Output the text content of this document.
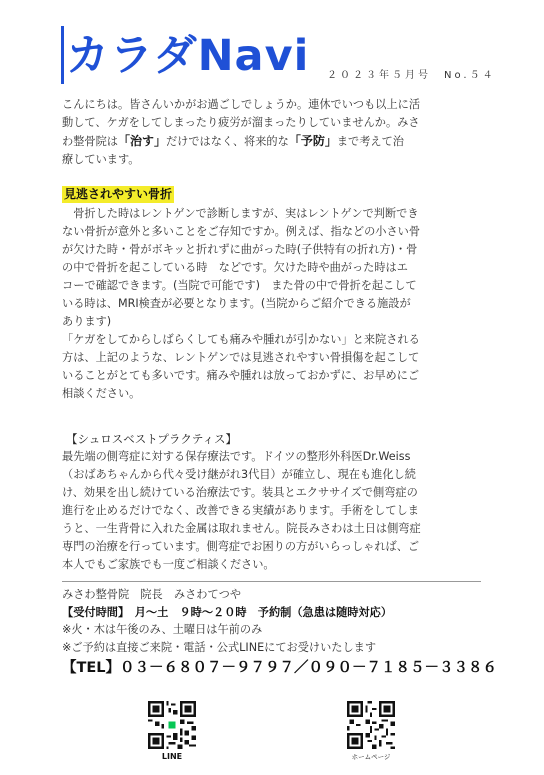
カラダNavi ２０２３年５月号　No.５４

こんにちは。皆さんいかがお過ごしでしょうか。連休でいつも以上に活

動して、ケガをしてしまったり疲労が溜まったりしていませんか。みさ

わ整骨院は「治す」だけではなく、将来的な「予防」まで考えて治

療しています。

見逃されやすい骨折

　骨折した時はレントゲンで診断しますが、実はレントゲンで判断でき

ない骨折が意外と多いことをご存知ですか。例えば、指などの小さい骨

が欠けた時・骨がボキッと折れずに曲がった時(子供特有の折れ方)・骨

の中で骨折を起こしている時　などです。欠けた時や曲がった時はエ

コーで確認できます。(当院で可能です)　また骨の中で骨折を起こして

いる時は、MRI検査が必要となります。(当院からご紹介できる施設が

あります)

「ケガをしてからしばらくしても痛みや腫れが引かない」と来院される

方は、上記のような、レントゲンでは見逃されやすい骨損傷を起こして

いることがとても多いです。痛みや腫れは放っておかずに、お早めにご

相談ください。

【シュロスベストプラクティス】

最先端の側弯症に対する保存療法です。ドイツの整形外科医Dr.Weiss

（おばあちゃんから代々受け継がれ3代目）が確立し、現在も進化し続

け、効果を出し続けている治療法です。装具とエクササイズで側弯症の

進行を止めるだけでなく、改善できる実績があります。手術をしてしま

うと、一生背骨に入れた金属は取れません。院長みさわは土日は側弯症

専門の治療を行っています。側弯症でお困りの方がいらっしゃれば、ご

本人でもご家族でも一度ご相談ください。

みさわ整骨院　院長　みさわてつや
【受付時間】　月～土　９時～２０時　予約制（急患は随時対応）
※火・木は午後のみ、土曜日は午前のみ
※ご予約は直接ご来院・電話・公式LINEにてお受けいたします
【TEL】０３－６８０７－９７９７／０９０－７１８５－３３８６
LINE	ホームページ
